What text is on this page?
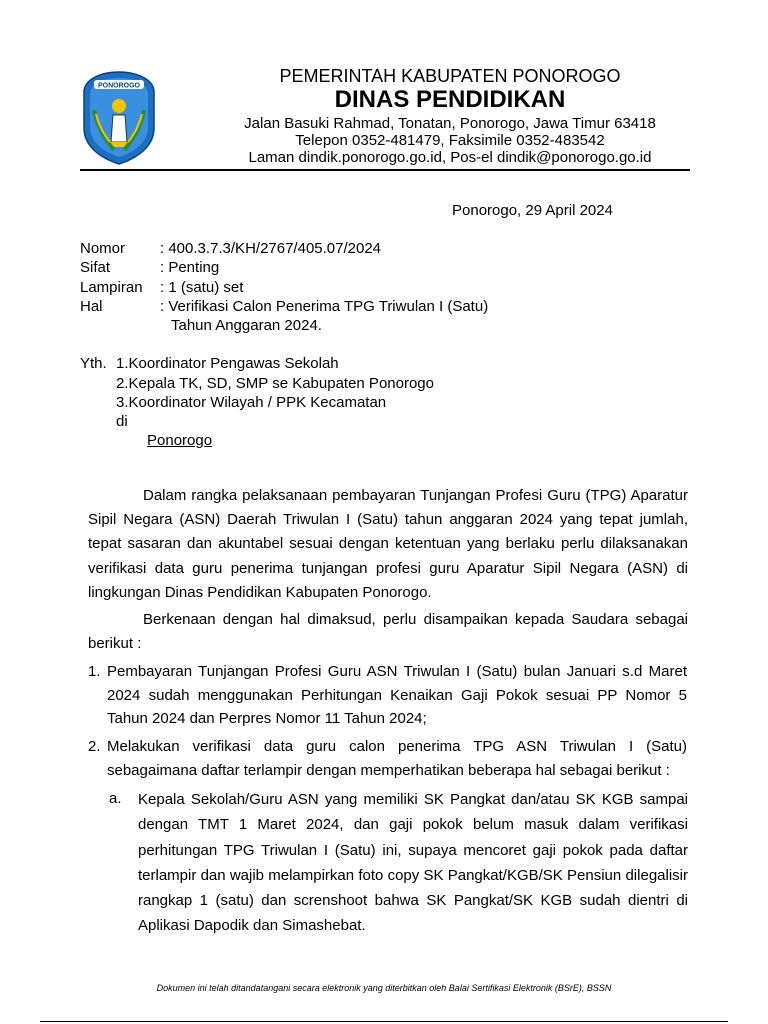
PONOROGO	PEMERINTAH KABUPATEN PONOROGO
DINAS PENDIDIKAN
Jalan Basuki Rahmad, Tonatan, Ponorogo, Jawa Timur 63418
Telepon 0352-481479, Faksimile 0352-483542
Laman dindik.ponorogo.go.id, Pos-el dindik@ponorogo.go.id
Ponorogo, 29 April 2024
Nomor : 400.3.7.3/KH/2767/405.07/2024
Sifat	: Penting
Lampiran : 1 (satu) set
Hal	: Verifikasi Calon Penerima TPG Triwulan I (Satu)
Tahun Anggaran 2024.
Yth. 1.Koordinator Pengawas Sekolah
2.Kepala TK, SD, SMP se Kabupaten Ponorogo
3.Koordinator Wilayah / PPK Kecamatan
di
Ponorogo
Dalam rangka pelaksanaan pembayaran Tunjangan Profesi Guru (TPG) Aparatur Sipil Negara (ASN) Daerah Triwulan I (Satu) tahun anggaran 2024 yang tepat jumlah, tepat sasaran dan akuntabel sesuai dengan ketentuan yang berlaku perlu dilaksanakan verifikasi data guru penerima tunjangan profesi guru Aparatur Sipil Negara (ASN) di lingkungan Dinas Pendidikan Kabupaten Ponorogo.
Berkenaan dengan hal dimaksud, perlu disampaikan kepada Saudara sebagai berikut :
1. Pembayaran Tunjangan Profesi Guru ASN Triwulan I (Satu) bulan Januari s.d Maret 2024 sudah menggunakan Perhitungan Kenaikan Gaji Pokok sesuai PP Nomor 5 Tahun 2024 dan Perpres Nomor 11 Tahun 2024;
2. Melakukan verifikasi data guru calon penerima TPG ASN Triwulan I (Satu) sebagaimana daftar terlampir dengan memperhatikan beberapa hal sebagai berikut :
a. Kepala Sekolah/Guru ASN yang memiliki SK Pangkat dan/atau SK KGB sampai dengan TMT 1 Maret 2024, dan gaji pokok belum masuk dalam verifikasi perhitungan TPG Triwulan I (Satu) ini, supaya mencoret gaji pokok pada daftar terlampir dan wajib melampirkan foto copy SK Pangkat/KGB/SK Pensiun dilegalisir rangkap 1 (satu) dan screnshoot bahwa SK Pangkat/SK KGB sudah dientri di Aplikasi Dapodik dan Simashebat.
Dokumen ini telah ditandatangani secara elektronik yang diterbitkan oleh Balai Sertifikasi Elektronik (BSrE), BSSN
